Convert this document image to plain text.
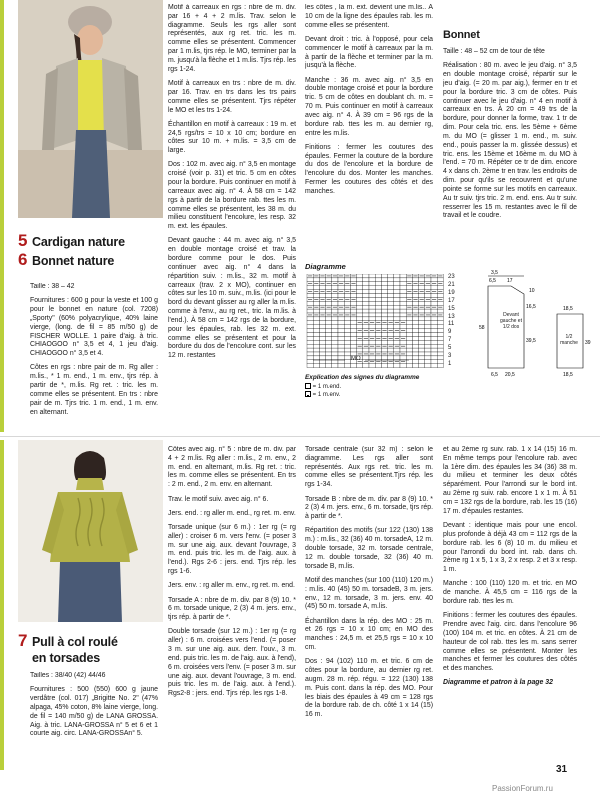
5 Cardigan nature
6 Bonnet nature

Taille : 38 – 42

Fournitures : 600 g pour la veste et 100 g pour le bonnet en nature (col. 7208) „Sporty" (60% polyacrylique, 40% laine vierge, (long. de fil = 85 m/50 g) de FISCHER WOLLE. 1 paire d'aig. à tric. CHIAOGOO n° 3,5 et 4, 1 jeu d'aig. CHIAOGOO n° 3,5 et 4.

Côtes en rgs : nbre pair de m. Rg aller : m.lis., * 1 m. end., 1 m. env., tjrs rép. à partir de *, m.lis. Rg ret. : tric. les m. comme elles se présentent. En trs : nbre pair de m. Tjrs tric. 1 m. end., 1 m. env. en alternant.

Motif à carreaux en rgs : nbre de m. div. par 16 + 4 + 2 m.lis. Trav. selon le diagramme. Seuls les rgs aller sont représentés, aux rg ret. tric. les m. comme elles se présentent. Commencer par 1 m.lis, tjrs rép. le MO, terminer par la m. jusqu'à la flèche et 1 m.lis. Tjrs rép. les rgs 1-24.

Motif à carreaux en trs : nbre de m. div. par 16. Trav. en trs dans les trs pairs comme elles se présentent. Tjrs répéter le MO et les trs 1-24.

Échantillon en motif à carreaux : 19 m. et 24,5 rgs/trs = 10 x 10 cm; bordure en côtes sur 10 m. + m.lis. = 3,5 cm de large.

Dos : 102 m. avec aig. n° 3,5 en montage croisé (voir p. 31) et tric. 5 cm en côtes pour la bordure. Puis continuer en motif à carreaux avec aig. n° 4. À 58 cm = 142 rgs à partir de la bordure rab. ttes les m. comme elles se présentent, les 38 m. du milieu constituent l'encolure, les resp. 32 m. ext. les épaules.

Devant gauche : 44 m. avec aig. n° 3,5 en double montage croisé et trav. la bordure comme pour le dos. Puis continuer avec aig. n° 4 dans la répartition suiv. : m.lis., 32 m. motif à carreaux (trav. 2 x MO), continuer en côtes sur les 10 m. suiv., m.lis. (ici pour le bord du devant glisser au rg aller la m.lis. comme à l'env., au rg ret., tric. la m.lis. à l'end.). À 58 cm = 142 rgs de la bordure, pour les épaules, rab. les 32 m. ext. comme elles se présentent et pour la bordure du dos de l'encolure cont. sur les 12 m. restantes

les côtes , la m. ext. devient une m.lis.. À 10 cm de la ligne des épaules rab. les m. comme elles se présentent.

Devant droit : tric. à l'opposé, pour cela commencer le motif à carreaux par la m. à partir de la flèche et terminer par la m. jusqu'à la flèche.

Manche : 36 m. avec aig. n° 3,5 en double montage croisé et pour la bordure tric. 5 cm de côtes en doublant ch. m. = 70 m. Puis continuer en motif à carreaux avec aig. n° 4. À 39 cm = 96 rgs de la bordure rab. ttes les m. au dernier rg, entre les m.lis.

Finitions : fermer les coutures des épaules. Fermer la couture de la bordure du dos de l'encolure et la bordure de l'encolure du dos. Monter les manches. Fermer les coutures des côtés et des manches.

Bonnet

Taille : 48 – 52 cm de tour de tête

Réalisation : 80 m. avec le jeu d'aig. n° 3,5 en double montage croisé, répartir sur le jeu d'aig. (= 20 m. par aig.), fermer en tr et pour la bordure tric. 3 cm de côtes. Puis continuer avec le jeu d'aig. n° 4 en motif à carreaux en trs. À 20 cm = 49 trs de la bordure, pour donner la forme, trav. 1 tr de dim. Pour cela tric. ens. les 5ème + 6ème m. du MO (= glisser 1 m. end., m. suiv. end., pouis passer la m. glissée dessus) et tric. ens. les 15ème et 16ème m. du MO à l'end. = 70 m. Répéter ce tr de dim. encore 4 x dans ch. 2ème tr en trav. les endroits de dim. pour qu'ils se recouvrent et qu'une pointe se forme sur les motifs en carreaux. Au tr suiv. tjrs tric. 2 m. end. ens. Au tr suiv. resserrer les 15 m. restantes avec le fil de travail et le coudre.

Diagramme
23
21
19
17
15
13
11
9
7
5
3
1
MO
Explication des signes du diagramme
= 1 m.end.
= 1 m.env.
3,5
6,5 17
58
16,5
39,5
10
6,5 20,5
18,5
39
18,5
Devant gauche et 1/2 dos
1/2 manche
7 Pull à col roulé
en torsades

Tailles : 38/40 (42) 44/46

Fournitures : 500 (550) 600 g jaune verdâtre (col. 017) „Brigitte No. 2" (47% alpaga, 45% coton, 8% laine vierge, long. de fil = 140 m/50 g) de LANA GROSSA. Aig. à tric. LANA-GROSSA n° 5 et 6 et 1 courte aig. circ. LANA-GROSSAn° 5.

Côtes avec aig. n° 5 : nbre de m. div. par 4 + 2 m.lis. Rg aller : m.lis., 2 m. env., 2 m. end. en alternant, m.lis. Rg ret. : tric. les m. comme elles se présentent. En trs : 2 m. end., 2 m. env. en alternant.

Trav. le motif suiv. avec aig. n° 6.

Jers. end. : rg aller m. end., rg ret. m. env.

Torsade unique (sur 6 m.) : 1er rg (= rg aller) : croiser 6 m. vers l'env. (= poser 3 m. sur une aig. aux. devant l'ouvrage, 3 m. end. puis tric. les m. de l'aig. aux. à l'end.). Rgs 2-6 : jers. end. Tjrs rép. les rgs 1-6.

Jers. env. : rg aller m. env., rg ret. m. end.

Torsade A : nbre de m. div. par 8 (9) 10. * 6 m. torsade unique, 2 (3) 4 m. jers. env., tjrs rép. à partir de *.

Double torsade (sur 12 m.) : 1er rg (= rg aller) : 6 m. croisées vers l'end. (= poser 3 m. sur une aig. aux. derr. l'ouv., 3 m. end. puis tric. les m. de l'aig. aux. à l'end), 6 m. croisées vers l'env. (= poser 3 m. sur une aig. aux. devant l'ouvrage, 3 m. end. puis tric. les m. de l'aig. aux. à l'end.). Rgs2-8 : jers. end. Tjrs rép. les rgs 1-8.

Torsade centrale (sur 32 m) : selon le diagramme. Les rgs aller sont représentés. Aux rgs ret. tric. les m. comme elles se présentent.Tjrs rép. les rgs 1-34.

Torsade B : nbre de m. div. par 8 (9) 10. * 2 (3) 4 m. jers. env., 6 m. torsade, tjrs rép. à partir de *.

Répartition des motifs (sur 122 (130) 138 m.) : m.lis., 32 (36) 40 m. torsadeA, 12 m. double torsade, 32 m. torsade centrale, 12 m. double torsade, 32 (36) 40 m. torsade B, m.lis.

Motif des manches (sur 100 (110) 120 m.) : m.lis. 40 (45) 50 m. torsadeB, 3 m. jers. env., 12 m. torsade, 3 m. jers. env. 40 (45) 50 m. torsade A, m.lis.

Échantillon dans la rép. des MO : 25 m. et 26 rgs = 10 x 10 cm; en MO des manches : 24,5 m. et 25,5 rgs = 10 x 10 cm.

Dos : 94 (102) 110 m. et tric. 6 cm de côtes pour la bordure, au dernier rg ret. augm. 28 m. rép. régu. = 122 (130) 138 m. Puis cont. dans la rép. des MO. Pour les biais des épaules à 49 cm = 128 rgs de la bordure rab. de ch. côté 1 x 14 (15) 16 m.

et au 2ème rg suiv. rab. 1 x 14 (15) 16 m. En même temps pour l'encolure rab. avec la 1ère dim. des épaules les 34 (36) 38 m. du milieu et terminer les deux côtés séparément. Pour l'arrondi sur le bord int. au 2ème rg suiv. rab. encore 1 x 1 m. À 51 cm = 132 rgs de la bordure, rab. les 15 (16) 17 m. d'épaules restantes.

Devant : identique mais pour une encol. plus profonde à déjà 43 cm = 112 rgs de la bordure rab. les 6 (8) 10 m. du milieu et pour l'arrondi du bord int. rab. dans ch. 2ème rg 1 x 5, 1 x 3, 2 x resp. 2 et 3 x resp. 1 m.

Manche : 100 (110) 120 m. et tric. en MO de manche. À 45,5 cm = 116 rgs de la bordure rab. ttes les m.

Finitions : fermer les coutures des épaules. Prendre avec l'aig. circ. dans l'encolure 96 (100) 104 m. et tric. en côtes. À 21 cm de hauteur de col rab. ttes les m. sans serrer comme elles se présentent. Monter les manches et fermer les coutures des côtés et des manches.

Diagramme et patron à la page 32

31
PassionForum.ru
